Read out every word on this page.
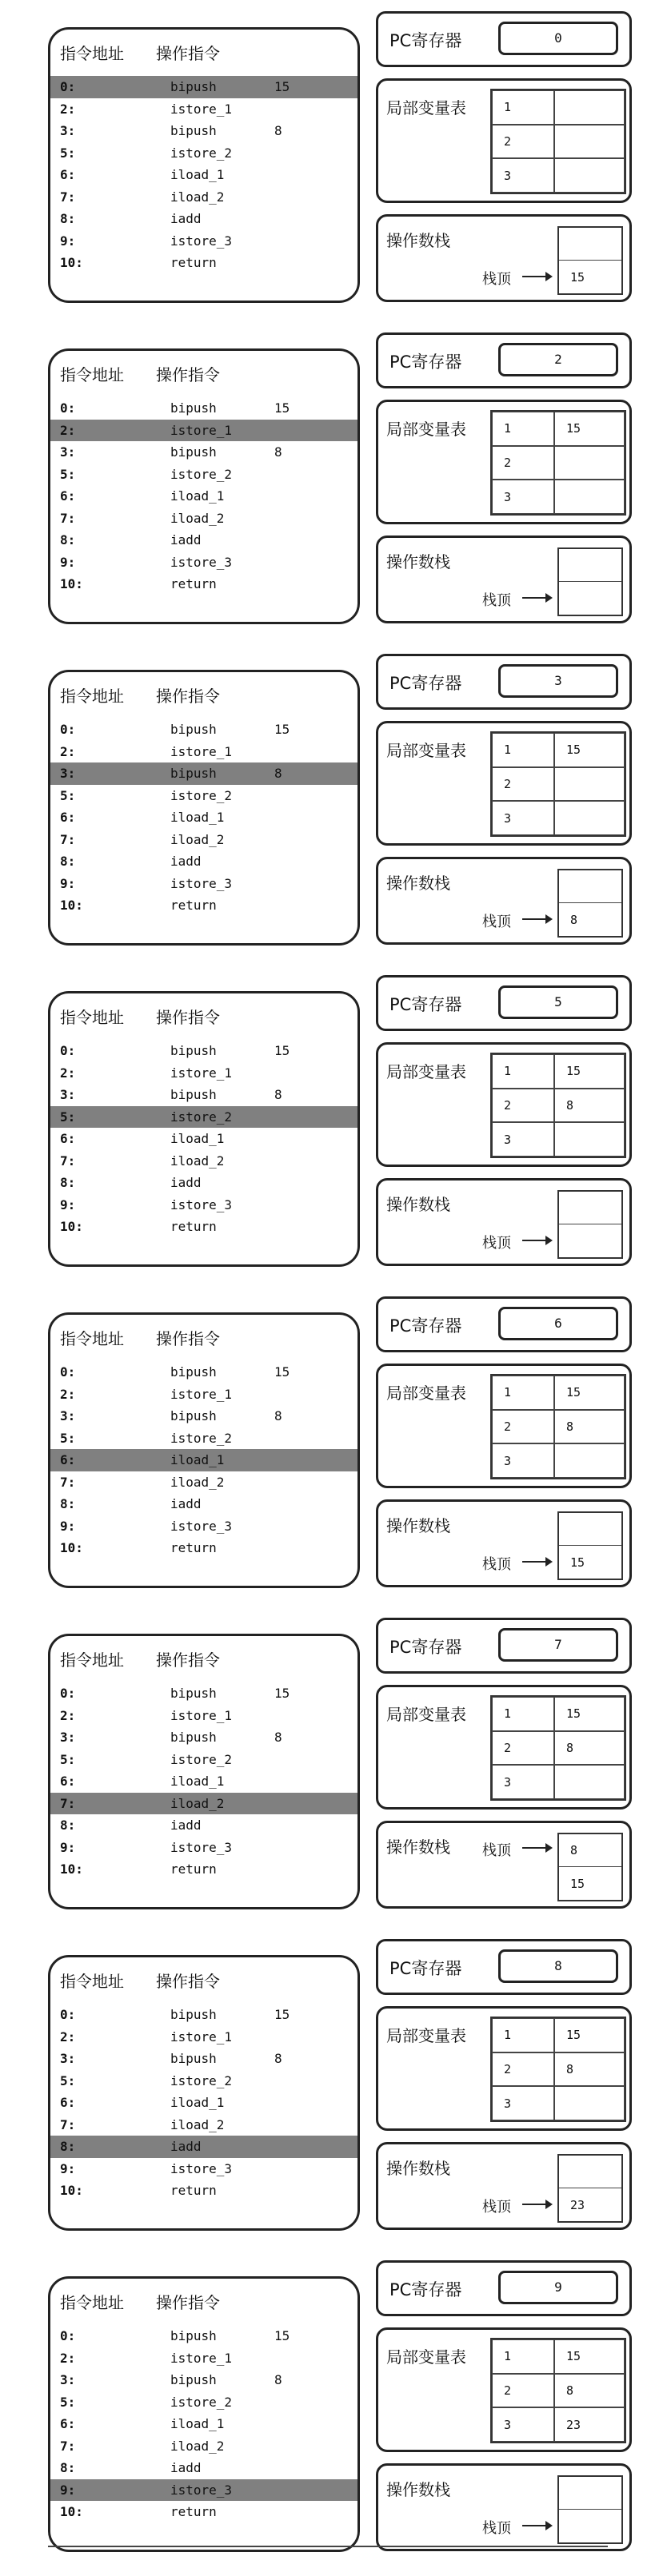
指令地址 操作指令
0:	bipush	15
2:	istore_1
3:	bipush	8
5:	istore_2
6:	iload_1
7:	iload_2
8:	iadd
9:	istore_3
10:	return
PC寄存器	0
局部变量表	1
2
3
操作数栈
栈顶	15
指令地址 操作指令
0:	bipush	15
2:	istore_1
3:	bipush	8
5:	istore_2
6:	iload_1
7:	iload_2
8:	iadd
9:	istore_3
10:	return
PC寄存器	2
局部变量表	1	15
2
3
操作数栈
栈顶
指令地址 操作指令
0:	bipush	15
2:	istore_1
3:	bipush	8
5:	istore_2
6:	iload_1
7:	iload_2
8:	iadd
9:	istore_3
10:	return
PC寄存器	3
局部变量表	1	15
2
3
操作数栈
栈顶	8
指令地址 操作指令
0:	bipush	15
2:	istore_1
3:	bipush	8
5:	istore_2
6:	iload_1
7:	iload_2
8:	iadd
9:	istore_3
10:	return
PC寄存器	5
局部变量表	1	15
2	8
3
操作数栈
栈顶
指令地址 操作指令
0:	bipush	15
2:	istore_1
3:	bipush	8
5:	istore_2
6:	iload_1
7:	iload_2
8:	iadd
9:	istore_3
10:	return
PC寄存器	6
局部变量表	1	15
2	8
3
操作数栈
栈顶	15
指令地址 操作指令
0:	bipush	15
2:	istore_1
3:	bipush	8
5:	istore_2
6:	iload_1
7:	iload_2
8:	iadd
9:	istore_3
10:	return
PC寄存器	7
局部变量表	1	15
2	8
3
操作数栈 栈顶	8
15
指令地址 操作指令
0:	bipush	15
2:	istore_1
3:	bipush	8
5:	istore_2
6:	iload_1
7:	iload_2
8:	iadd
9:	istore_3
10:	return
PC寄存器	8
局部变量表	1	15
2	8
3
操作数栈
栈顶	23
指令地址 操作指令
0:	bipush	15
2:	istore_1
3:	bipush	8
5:	istore_2
6:	iload_1
7:	iload_2
8:	iadd
9:	istore_3
10:	return
PC寄存器	9
局部变量表	1	15
2	8
3	23
操作数栈
栈顶
